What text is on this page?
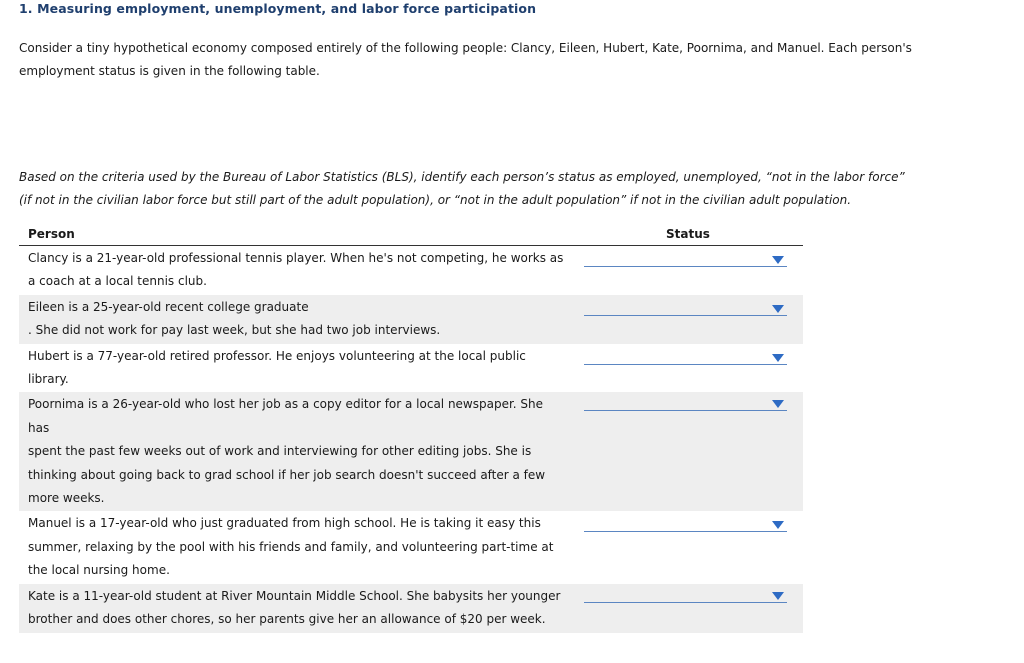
1. Measuring employment, unemployment, and labor force participation
Consider a tiny hypothetical economy composed entirely of the following people: Clancy, Eileen, Hubert, Kate, Poornima, and Manuel. Each person's employment status is given in the following table.
Based on the criteria used by the Bureau of Labor Statistics (BLS), identify each person’s status as employed, unemployed, “not in the labor force” (if not in the civilian labor force but still part of the adult population), or “not in the adult population” if not in the civilian adult population.
Person	Status
Clancy is a 21-year-old professional tennis player. When he's not competing, he works as
a coach at a local tennis club.
Eileen is a 25-year-old recent college graduate
. She did not work for pay last week, but she had two job interviews.
Hubert is a 77-year-old retired professor. He enjoys volunteering at the local public library.
Poornima is a 26-year-old who lost her job as a copy editor for a local newspaper. She has
spent the past few weeks out of work and interviewing for other editing jobs. She is
thinking about going back to grad school if her job search doesn't succeed after a few
more weeks.
Manuel is a 17-year-old who just graduated from high school. He is taking it easy this
summer, relaxing by the pool with his friends and family, and volunteering part-time at
the local nursing home.
Kate is a 11-year-old student at River Mountain Middle School. She babysits her younger
brother and does other chores, so her parents give her an allowance of $20 per week.
